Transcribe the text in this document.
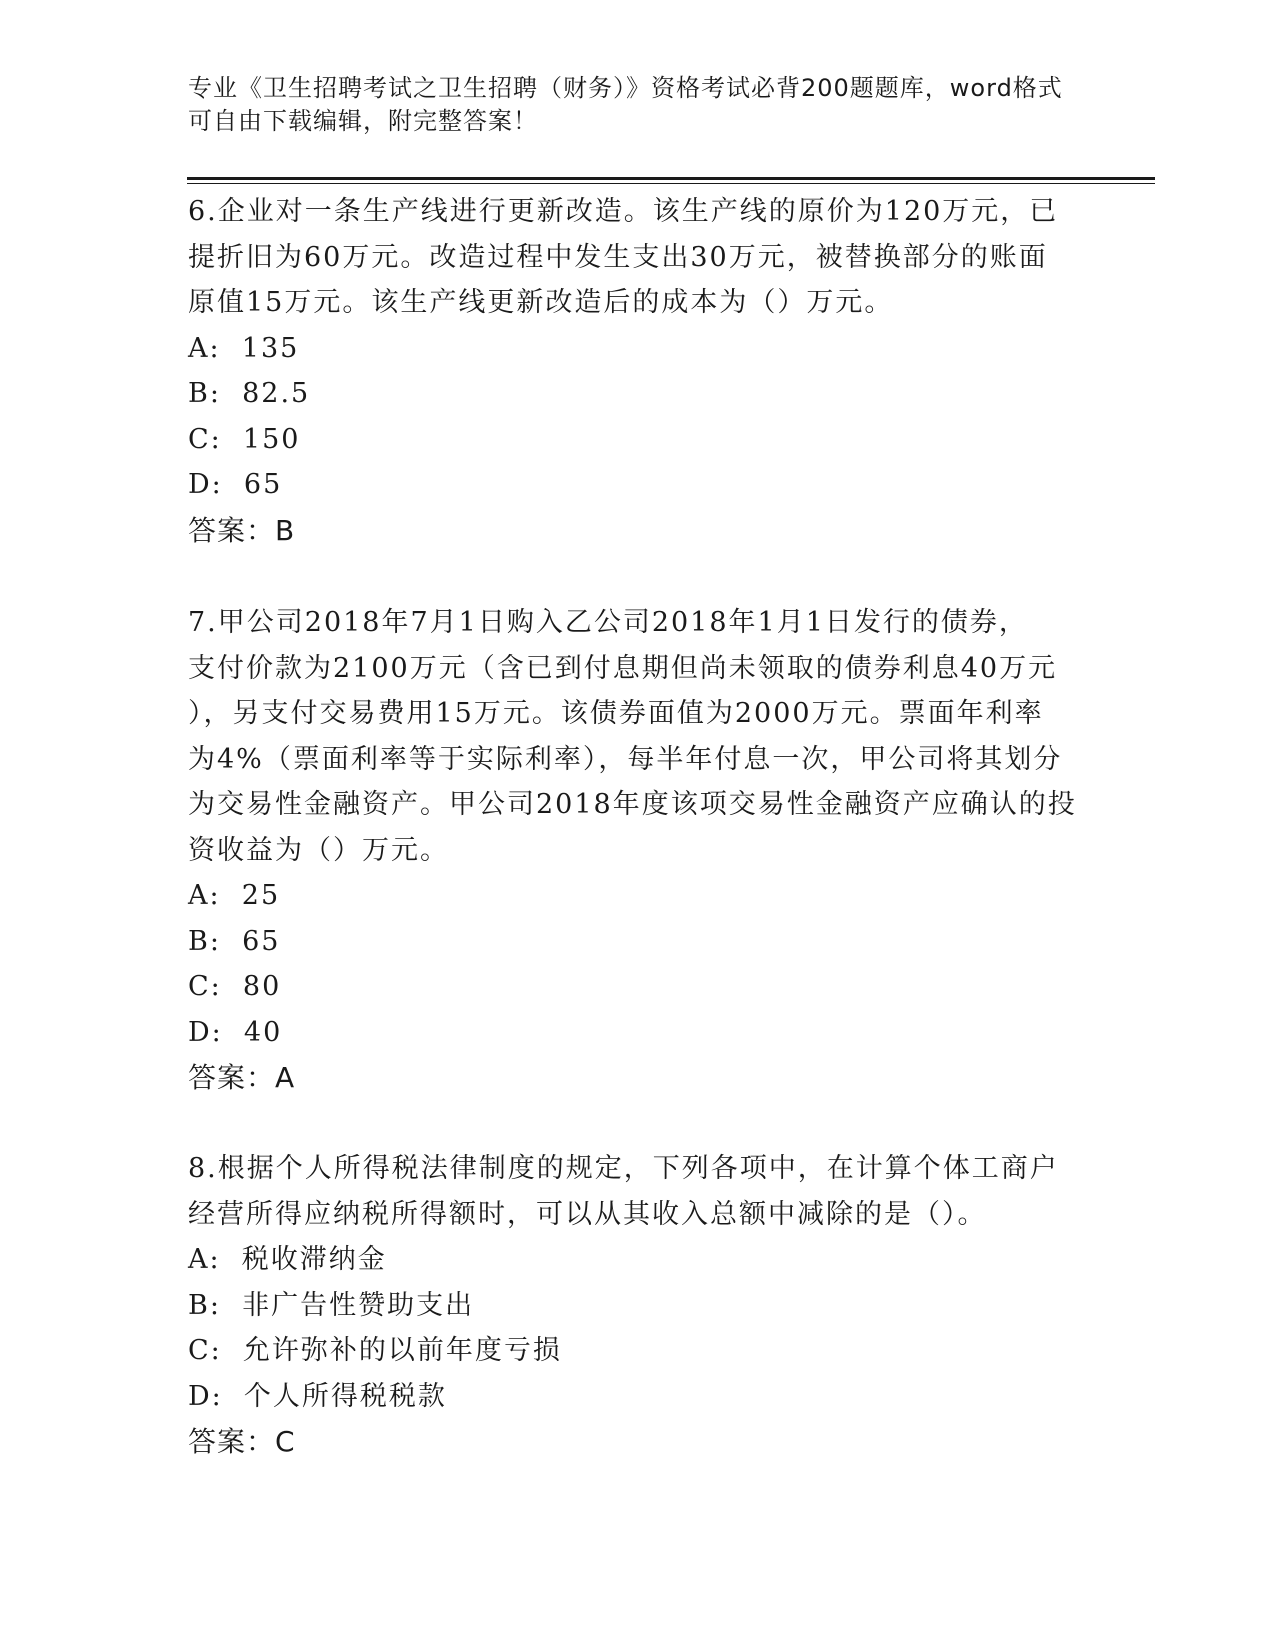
专业《卫生招聘考试之卫生招聘（财务）》资格考试必背200题题库，word格式
可自由下载编辑，附完整答案！

6.企业对一条生产线进行更新改造。该生产线的原价为120万元，已

提折旧为60万元。改造过程中发生支出30万元，被替换部分的账面

原值15万元。该生产线更新改造后的成本为（）万元。

A:  135

B:  82.5

C:  150

D:  65

答案：B

7.甲公司2018年7月1日购入乙公司2018年1月1日发行的债券，

支付价款为2100万元（含已到付息期但尚未领取的债券利息40万元

），另支付交易费用15万元。该债券面值为2000万元。票面年利率

为4%（票面利率等于实际利率），每半年付息一次，甲公司将其划分

为交易性金融资产。甲公司2018年度该项交易性金融资产应确认的投

资收益为（）万元。

A:  25

B:  65

C:  80

D:  40

答案：A

8.根据个人所得税法律制度的规定，下列各项中，在计算个体工商户

经营所得应纳税所得额时，可以从其收入总额中减除的是（）。

A:  税收滞纳金

B:  非广告性赞助支出

C:  允许弥补的以前年度亏损

D:  个人所得税税款

答案：C
